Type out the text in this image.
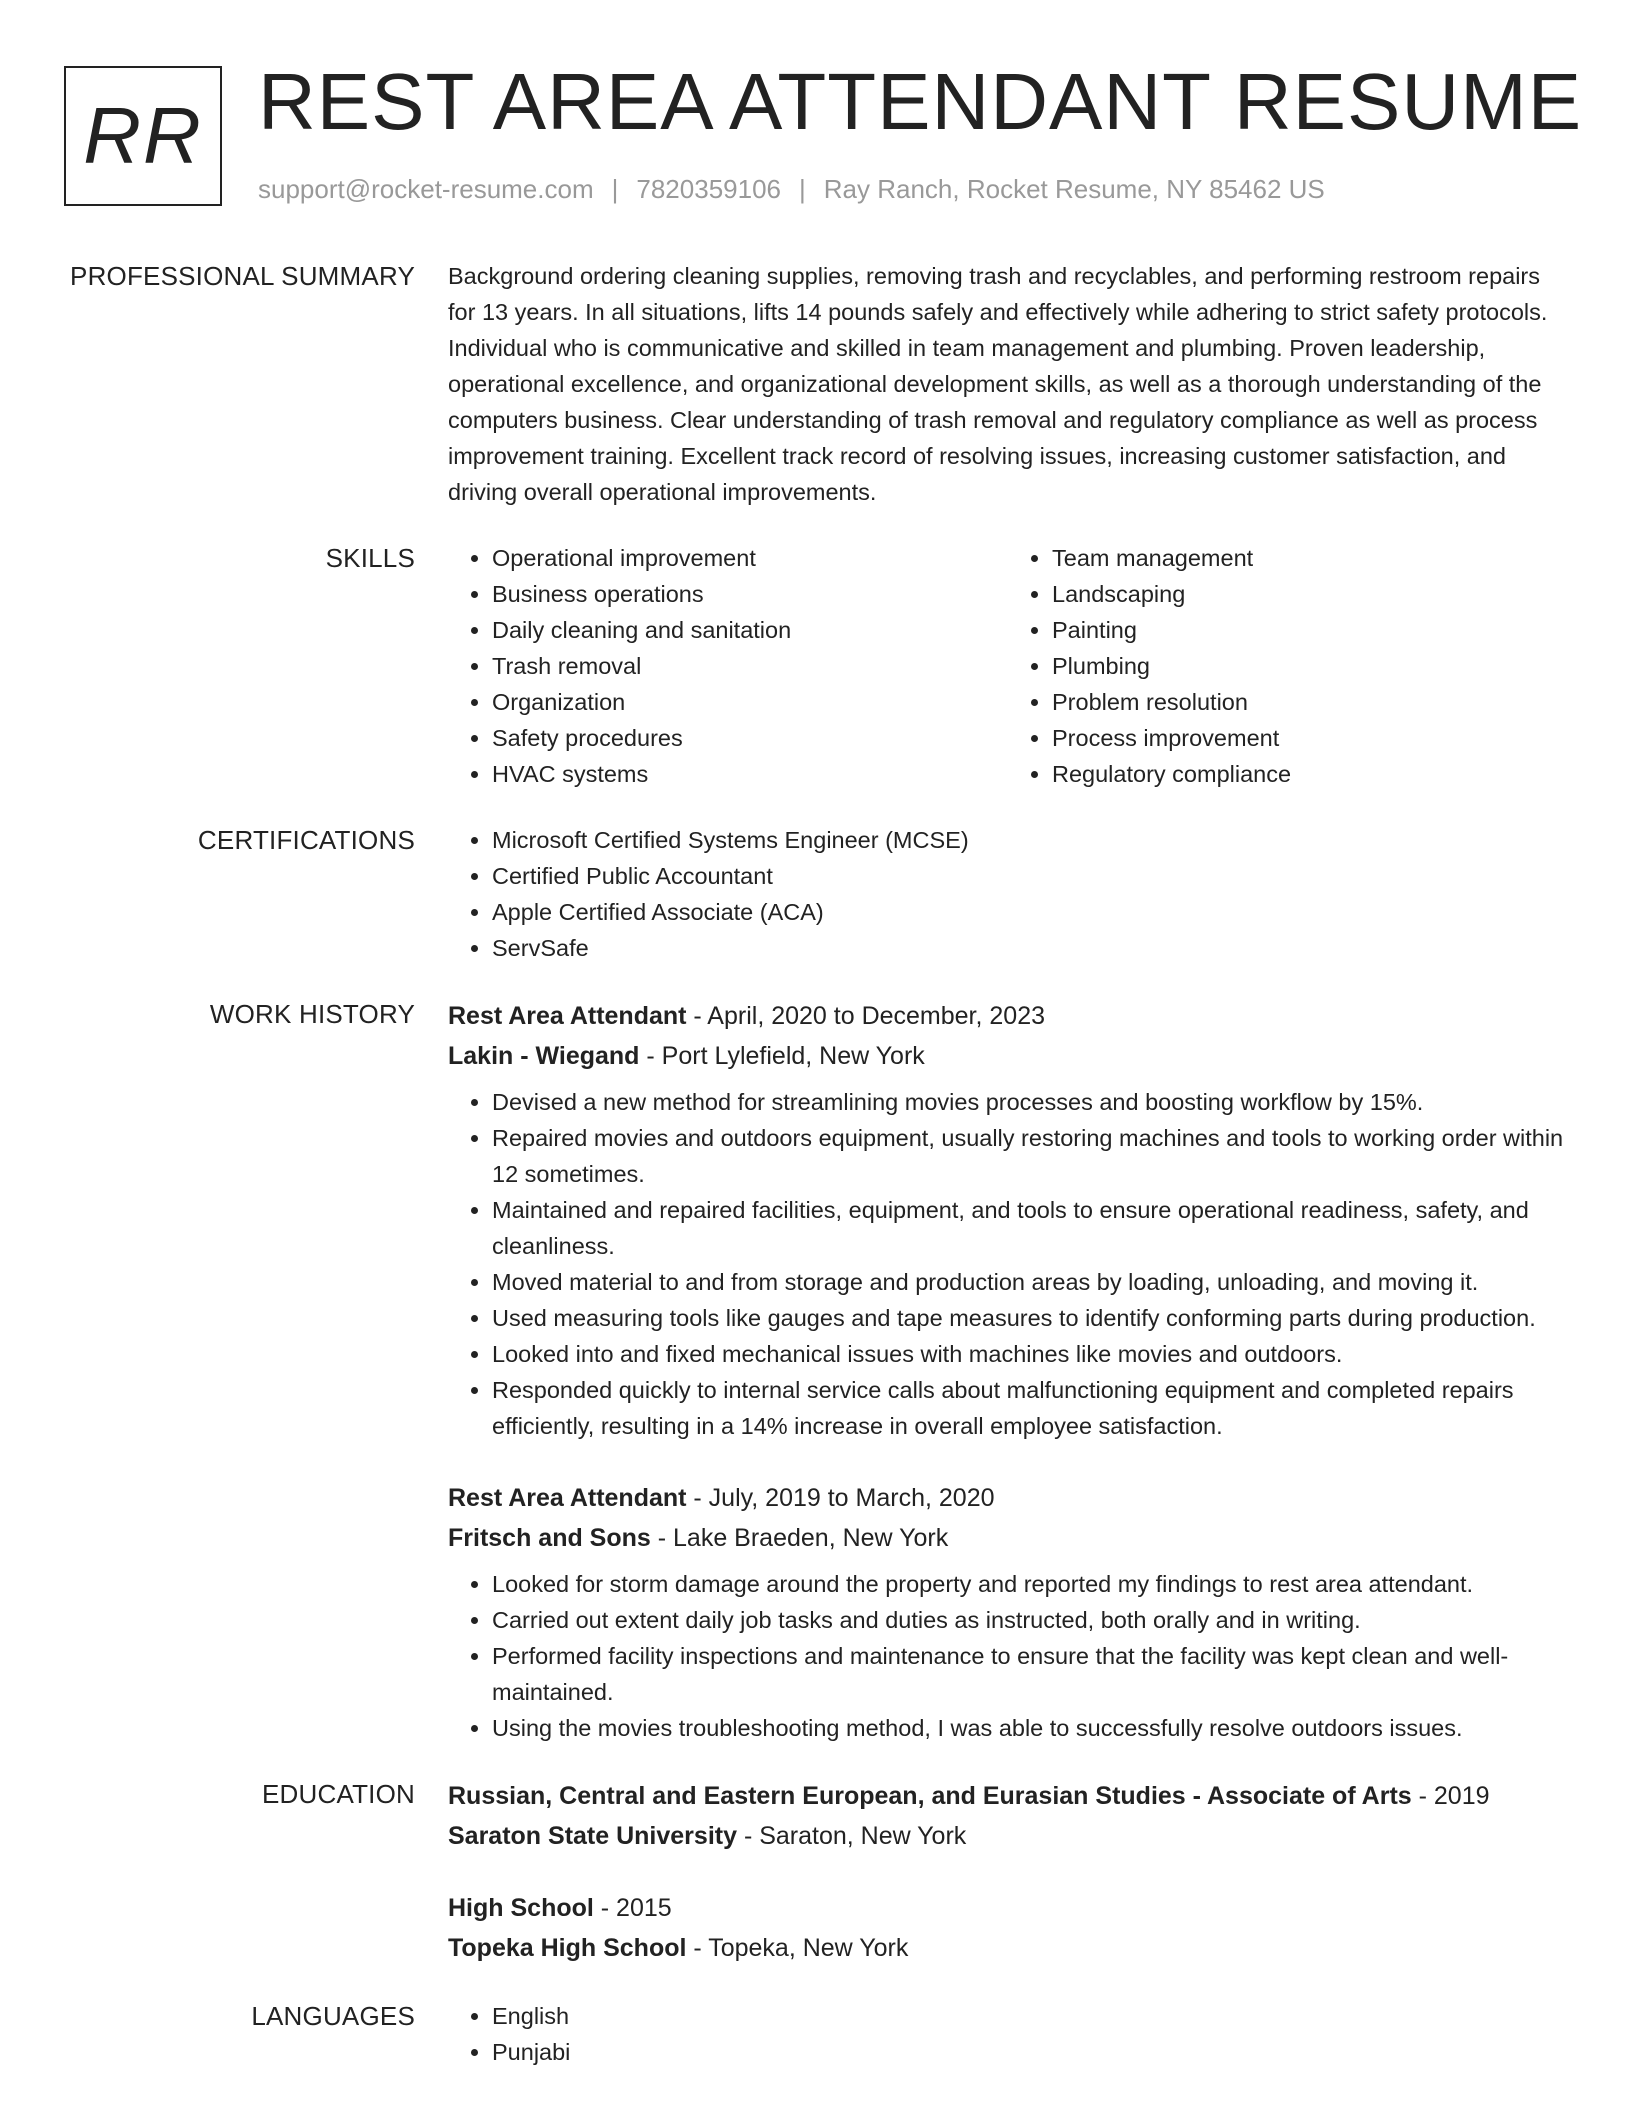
RR REST AREA ATTENDANT RESUME
support@rocket-resume.com | 7820359106 | Ray Ranch, Rocket Resume, NY 85462 US
PROFESSIONAL SUMMARY Background ordering cleaning supplies, removing trash and recyclables, and performing restroom repairs for 13 years. In all situations, lifts 14 pounds safely and effectively while adhering to strict safety protocols. Individual who is communicative and skilled in team management and plumbing. Proven leadership, operational excellence, and organizational development skills, as well as a thorough understanding of the computers business. Clear understanding of trash removal and regulatory compliance as well as process improvement training. Excellent track record of resolving issues, increasing customer satisfaction, and driving overall operational improvements.

SKILLS	• Operational improvement
• Business operations
• Daily cleaning and sanitation
• Trash removal
• Organization
• Safety procedures
• HVAC systems
• Team management
• Landscaping
• Painting
• Plumbing
• Problem resolution
• Process improvement
• Regulatory compliance
CERTIFICATIONS	• Microsoft Certified Systems Engineer (MCSE)
• Certified Public Accountant
• Apple Certified Associate (ACA)
• ServSafe
WORK HISTORY Rest Area Attendant - April, 2020 to December, 2023
Lakin - Wiegand - Port Lylefield, New York
• Devised a new method for streamlining movies processes and boosting workflow by 15%.
• Repaired movies and outdoors equipment, usually restoring machines and tools to working order within 12 sometimes.
• Maintained and repaired facilities, equipment, and tools to ensure operational readiness, safety, and cleanliness.
• Moved material to and from storage and production areas by loading, unloading, and moving it.
• Used measuring tools like gauges and tape measures to identify conforming parts during production.
• Looked into and fixed mechanical issues with machines like movies and outdoors.
• Responded quickly to internal service calls about malfunctioning equipment and completed repairs efficiently, resulting in a 14% increase in overall employee satisfaction.
Rest Area Attendant - July, 2019 to March, 2020
Fritsch and Sons - Lake Braeden, New York
• Looked for storm damage around the property and reported my findings to rest area attendant.
• Carried out extent daily job tasks and duties as instructed, both orally and in writing.
• Performed facility inspections and maintenance to ensure that the facility was kept clean and well-maintained.
• Using the movies troubleshooting method, I was able to successfully resolve outdoors issues.
EDUCATION Russian, Central and Eastern European, and Eurasian Studies - Associate of Arts - 2019
Saraton State University - Saraton, New York
High School - 2015
Topeka High School - Topeka, New York
LANGUAGES	• English
• Punjabi
